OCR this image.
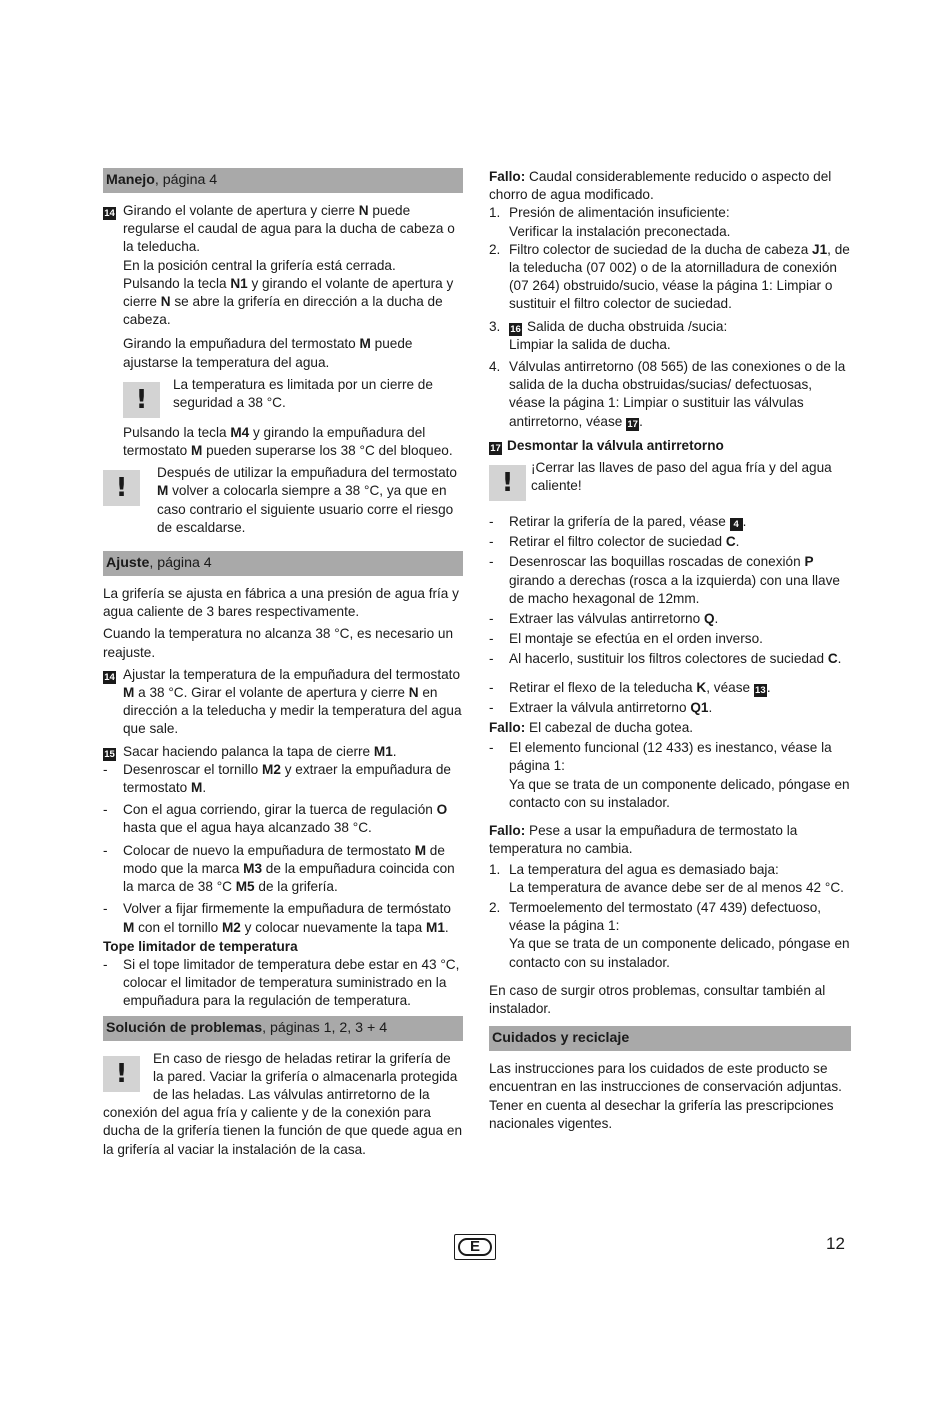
Manejo, página 4
14 Girando el volante de apertura y cierre N puede regularse el caudal de agua para la ducha de cabeza o la teleducha.

En la posición central la grifería está cerrada.

Pulsando la tecla N1 y girando el volante de apertura y cierre N se abre la grifería en dirección a la ducha de cabeza.

Girando la empuñadura del termostato M puede ajustarse la temperatura del agua.

!
La temperatura es limitada por un cierre de seguridad a 38 °C.

Pulsando la tecla M4 y girando la empuñadura del termostato M pueden superarse los 38 °C del bloqueo.

!
Después de utilizar la empuñadura del termostato M volver a colocarla siempre a 38 °C, ya que en caso contrario el siguiente usuario corre el riesgo de escaldarse.
Ajuste, página 4

La grifería se ajusta en fábrica a una presión de agua fría y agua caliente de 3 bares respectivamente.

Cuando la temperatura no alcanza 38 °C, es necesario un reajuste.

14 Ajustar la temperatura de la empuñadura del termostato M a 38 °C. Girar el volante de apertura y cierre N en dirección a la teleducha y medir la temperatura del agua que sale.
15 Sacar haciendo palanca la tapa de cierre M1.
- Desenroscar el tornillo M2 y extraer la empuñadura de termostato M.
- Con el agua corriendo, girar la tuerca de regulación O hasta que el agua haya alcanzado 38 °C.
- Colocar de nuevo la empuñadura de termostato M de modo que la marca M3 de la empuñadura coincida con la marca de 38 °C M5 de la grifería.
- Volver a fijar firmemente la empuñadura de termóstato M con el tornillo M2 y colocar nuevamente la tapa M1.
Tope limitador de temperatura
- Si el tope limitador de temperatura debe estar en 43 °C, colocar el limitador de temperatura suministrado en la empuñadura para la regulación de temperatura.
Solución de problemas, páginas 1, 2, 3 + 4
!
En caso de riesgo de heladas retirar la grifería de la pared. Vaciar la grifería o almacenarla protegida de las heladas. Las válvulas antirretorno de la conexión del agua fría y caliente y de la conexión para ducha de la grifería tienen la función de que quede agua en la grifería al vaciar la instalación de la casa.

Fallo: Caudal considerablemente reducido o aspecto del chorro de agua modificado.

1. Presión de alimentación insuficiente:
Verificar la instalación preconectada.
2. Filtro colector de suciedad de la ducha de cabeza J1, de la teleducha (07 002) o de la atornilladura de conexión (07 264) obstruido/sucio, véase la página 1: Limpiar o sustituir el filtro colector de suciedad.
3. 16 Salida de ducha obstruida /sucia:
Limpiar la salida de ducha.
4. Válvulas antirretorno (08 565) de las conexiones o de la salida de la ducha obstruidas/sucias/ defectuosas, véase la página 1: Limpiar o sustituir las válvulas antirretorno, véase 17.
17 Desmontar la válvula antirretorno
!
¡Cerrar las llaves de paso del agua fría y del agua caliente!
- Retirar la grifería de la pared, véase 4 .
- Retirar el filtro colector de suciedad C.
- Desenroscar las boquillas roscadas de conexión P girando a derechas (rosca a la izquierda) con una llave de macho hexagonal de 12mm.
- Extraer las válvulas antirretorno Q.
- El montaje se efectúa en el orden inverso.
- Al hacerlo, sustituir los filtros colectores de suciedad C.
- Retirar el flexo de la teleducha K, véase 13.
- Extraer la válvula antirretorno Q1.

Fallo: El cabezal de ducha gotea.

- El elemento funcional (12 433) es inestanco, véase la página 1:
Ya que se trata de un componente delicado, póngase en contacto con su instalador.

Fallo: Pese a usar la empuñadura de termostato la temperatura no cambia.

1. La temperatura del agua es demasiado baja:
La temperatura de avance debe ser de al menos 42 °C.
2. Termoelemento del termostato (47 439) defectuoso, véase la página 1:
Ya que se trata de un componente delicado, póngase en contacto con su instalador.

En caso de surgir otros problemas, consultar también al instalador.

Cuidados y reciclaje

Las instrucciones para los cuidados de este producto se encuentran en las instrucciones de conservación adjuntas. Tener en cuenta al desechar la grifería las prescripciones nacionales vigentes.

E	12
